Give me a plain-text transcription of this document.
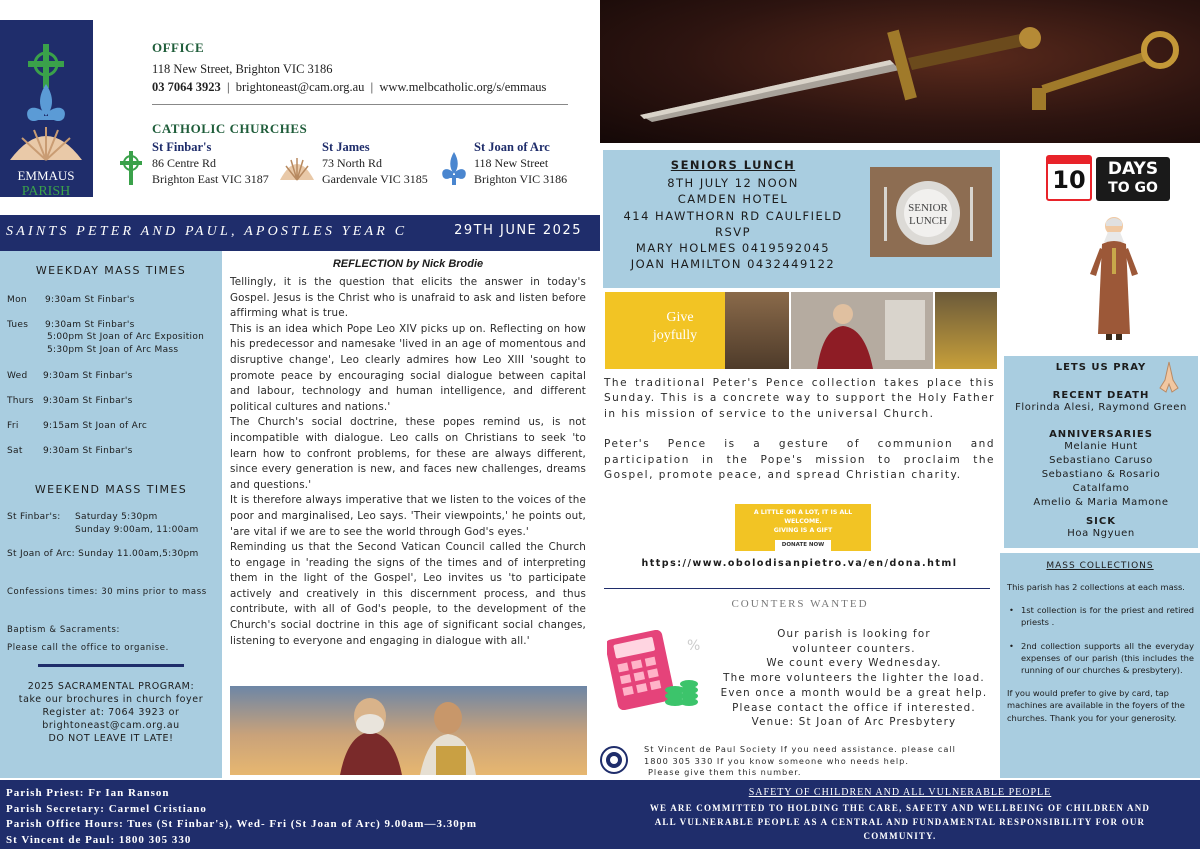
EMMAUS
PARISH
OFFICE
118 New Street, Brighton VIC 3186
03 7064 3923 | brightoneast@cam.org.au | www.melbcatholic.org/s/emmaus
CATHOLIC CHURCHES
St Finbar's
86 Centre Rd
Brighton East VIC 3187
St James
73 North Rd
Gardenvale VIC 3185
St Joan of Arc
118 New Street
Brighton VIC 3186
SAINTS PETER AND PAUL, APOSTLES YEAR C	29TH JUNE 2025
WEEKDAY MASS TIMES
Mon 9:30am St Finbar's
Tues 9:30am St Finbar's
5:00pm St Joan of Arc Exposition
5:30pm St Joan of Arc Mass
Wed 9:30am St Finbar's
Thurs 9:30am St Finbar's
Fri	9:15am St Joan of Arc
Sat 9:30am St Finbar's
WEEKEND MASS TIMES
St Finbar's: Saturday 5:30pm
Sunday 9:00am, 11:00am
St Joan of Arc: Sunday 11.00am,5:30pm
Confessions times: 30 mins prior to mass
Baptism & Sacraments:
Please call the office to organise.
2025 SACRAMENTAL PROGRAM:
take our brochures in church foyer
Register at: 7064 3923 or
brightoneast@cam.org.au
DO NOT LEAVE IT LATE!
REFLECTION by Nick Brodie

Tellingly, it is the question that elicits the answer in today's Gospel. Jesus is the Christ who is unafraid to ask and listen before affirming what is true.

This is an idea which Pope Leo XIV picks up on. Reflecting on how his predecessor and namesake 'lived in an age of momentous and disruptive change', Leo clearly admires how Leo XIII 'sought to promote peace by encouraging social dialogue between capital and labour, technology and human intelligence, and different political cultures and nations.'

The Church's social doctrine, these popes remind us, is not incompatible with dialogue. Leo calls on Christians to seek 'to learn how to confront problems, for these are always different, since every generation is new, and faces new challenges, dreams and questions.'

It is therefore always imperative that we listen to the voices of the poor and marginalised, Leo says. 'Their viewpoints,' he points out, 'are vital if we are to see the world through God's eyes.'

Reminding us that the Second Vatican Council called the Church to engage in 'reading the signs of the times and of interpreting them in the light of the Gospel', Leo invites us 'to participate actively and creatively in this discernment process, and thus contribute, with all of God's people, to the development of the Church's social doctrine in this age of significant social changes, listening to everyone and engaging in dialogue with all.'

SENIORS LUNCH
8TH JULY 12 NOON
CAMDEN HOTEL
414 HAWTHORN RD CAULFIELD
RSVP
MARY HOLMES 0419592045
JOAN HAMILTON 0432449122
SENIOR
LUNCH
Give
joyfully

The traditional Peter's Pence collection takes place this Sunday. This is a concrete way to support the Holy Father in his mission of service to the universal Church.

Peter's Pence is a gesture of communion and participation in the Pope's mission to proclaim the Gospel, promote peace, and spread Christian charity.

A LITTLE OR A LOT, IT IS ALL WELCOME.
GIVING IS A GIFT
DONATE NOW
https://www.obolodisanpietro.va/en/dona.html
COUNTERS WANTED
%
Our parish is looking for
volunteer counters.
We count every Wednesday.
The more volunteers the lighter the load.
Even once a month would be a great help.
Please contact the office if interested.
Venue: St Joan of Arc Presbytery
St Vincent de Paul Society If you need assistance. please call
1800 305 330 If you know someone who needs help.
Please give them this number.
10	DAYS
TO GO
LETS US PRAY
RECENT DEATH
Florinda Alesi, Raymond Green
ANNIVERSARIES
Melanie Hunt
Sebastiano Caruso
Sebastiano & Rosario
Catalfamo
Amelio & Maria Mamone
SICK
Hoa Ngyuen
MASS COLLECTIONS
This parish has 2 collections at each mass.
• 1st collection is for the priest and retired priests .
• 2nd collection supports all the everyday expenses of our parish (this includes the running of our churches & presbytery).
If you would prefer to give by card, tap machines are available in the foyers of the churches. Thank you for your generosity.
Parish Priest: Fr Ian Ranson
Parish Secretary: Carmel Cristiano
Parish Office Hours: Tues (St Finbar's), Wed- Fri (St Joan of Arc) 9.00am—3.30pm
St Vincent de Paul: 1800 305 330
SAFETY OF CHILDREN AND ALL VULNERABLE PEOPLE
WE ARE COMMITTED TO HOLDING THE CARE, SAFETY AND WELLBEING OF CHILDREN AND ALL VULNERABLE PEOPLE AS A CENTRAL AND FUNDAMENTAL RESPONSIBILITY FOR OUR COMMUNITY.
